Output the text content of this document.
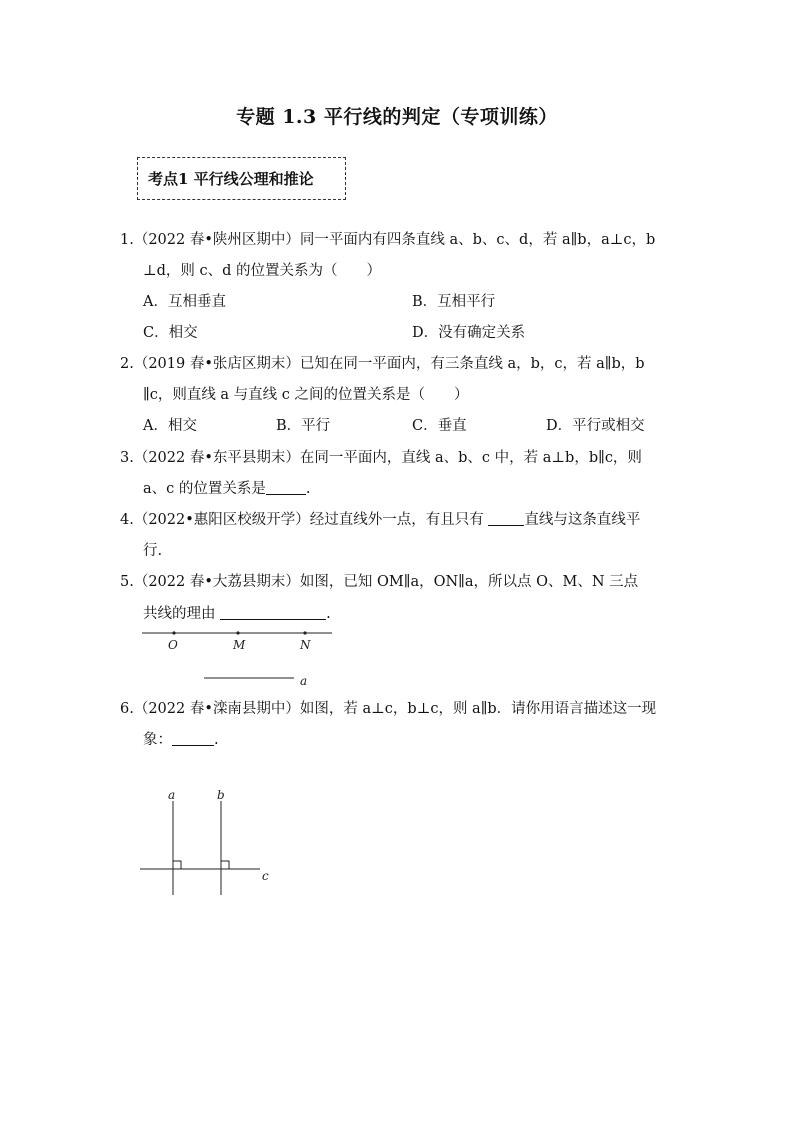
专题 1.3 平行线的判定（专项训练）
考点1 平行线公理和推论
1.（2022 春•陕州区期中）同一平面内有四条直线 a、b、c、d，若 a∥b，a⊥c，b
⊥d，则 c、d 的位置关系为（　　）
A．互相垂直	B．互相平行
C．相交	D．没有确定关系
2.（2019 春•张店区期末）已知在同一平面内，有三条直线 a，b，c，若 a∥b，b
∥c，则直线 a 与直线 c 之间的位置关系是（　　）
A．相交	B．平行	C．垂直	D．平行或相交
3.（2022 春•东平县期末）在同一平面内，直线 a、b、c 中，若 a⊥b，b∥c，则
a、c 的位置关系是	.
4.（2022•惠阳区校级开学）经过直线外一点，有且只有	直线与这条直线平
行.
5.（2022 春•大荔县期末）如图，已知 OM∥a，ON∥a，所以点 O、M、N 三点
共线的理由	.
O	M	N
a
6.（2022 春•滦南县期中）如图，若 a⊥c，b⊥c，则 a∥b．请你用语言描述这一现
象：	.
a	b
c
